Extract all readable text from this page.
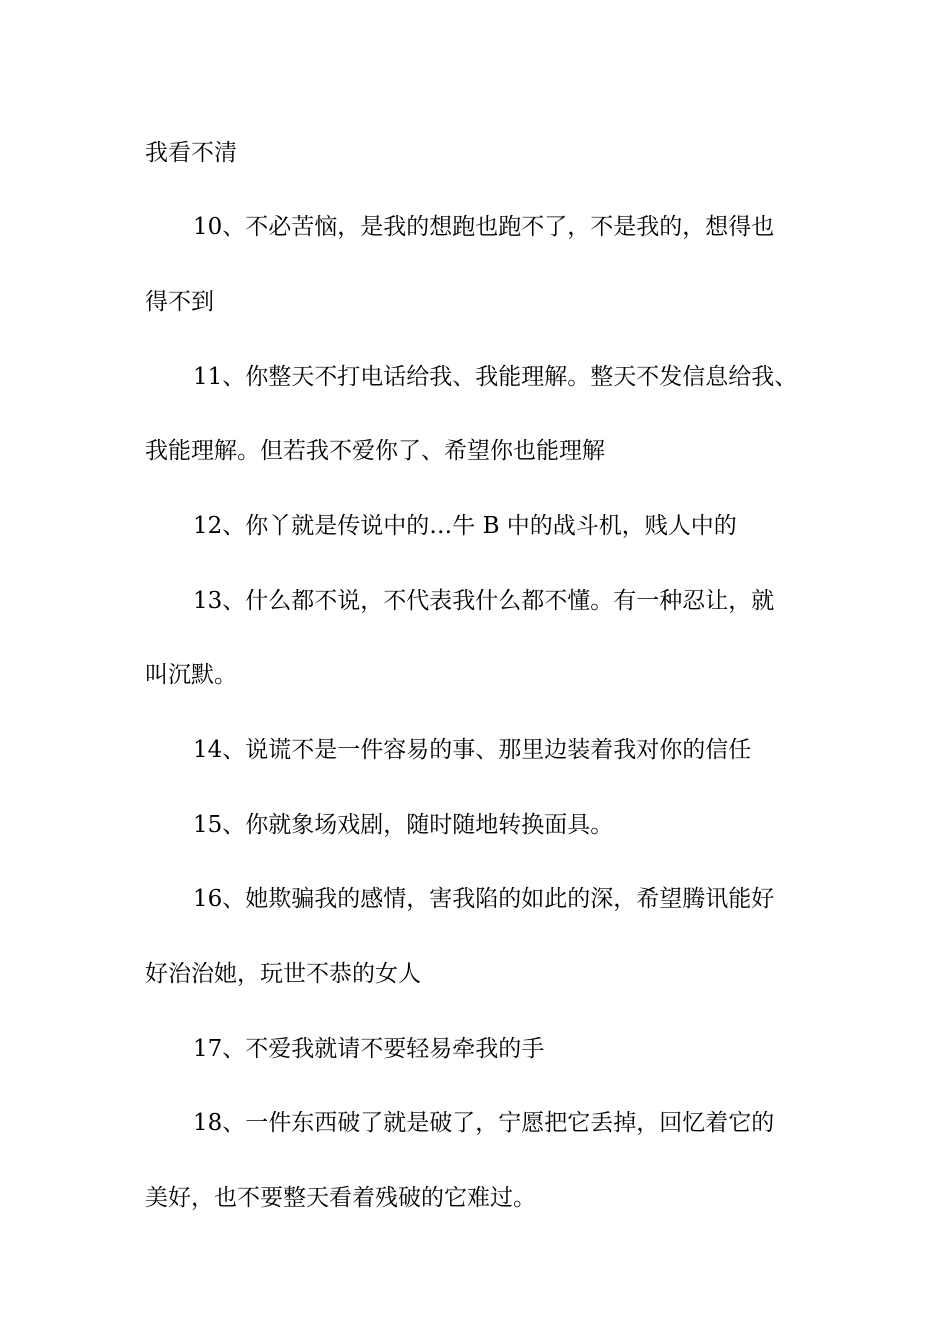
我看不清

10、不必苦恼，是我的想跑也跑不了，不是我的，想得也

得不到

11、你整天不打电话给我、我能理解。整天不发信息给我、

我能理解。但若我不爱你了、希望你也能理解

12、你丫就是传说中的…牛 B 中的战斗机，贱人中的

13、什么都不说，不代表我什么都不懂。有一种忍让，就

叫沉默。

14、说谎不是一件容易的事、那里边装着我对你的信任

15、你就象场戏剧，随时随地转换面具。

16、她欺骗我的感情，害我陷的如此的深，希望腾讯能好

好治治她，玩世不恭的女人

17、不爱我就请不要轻易牵我的手

18、一件东西破了就是破了，宁愿把它丢掉，回忆着它的

美好，也不要整天看着残破的它难过。
